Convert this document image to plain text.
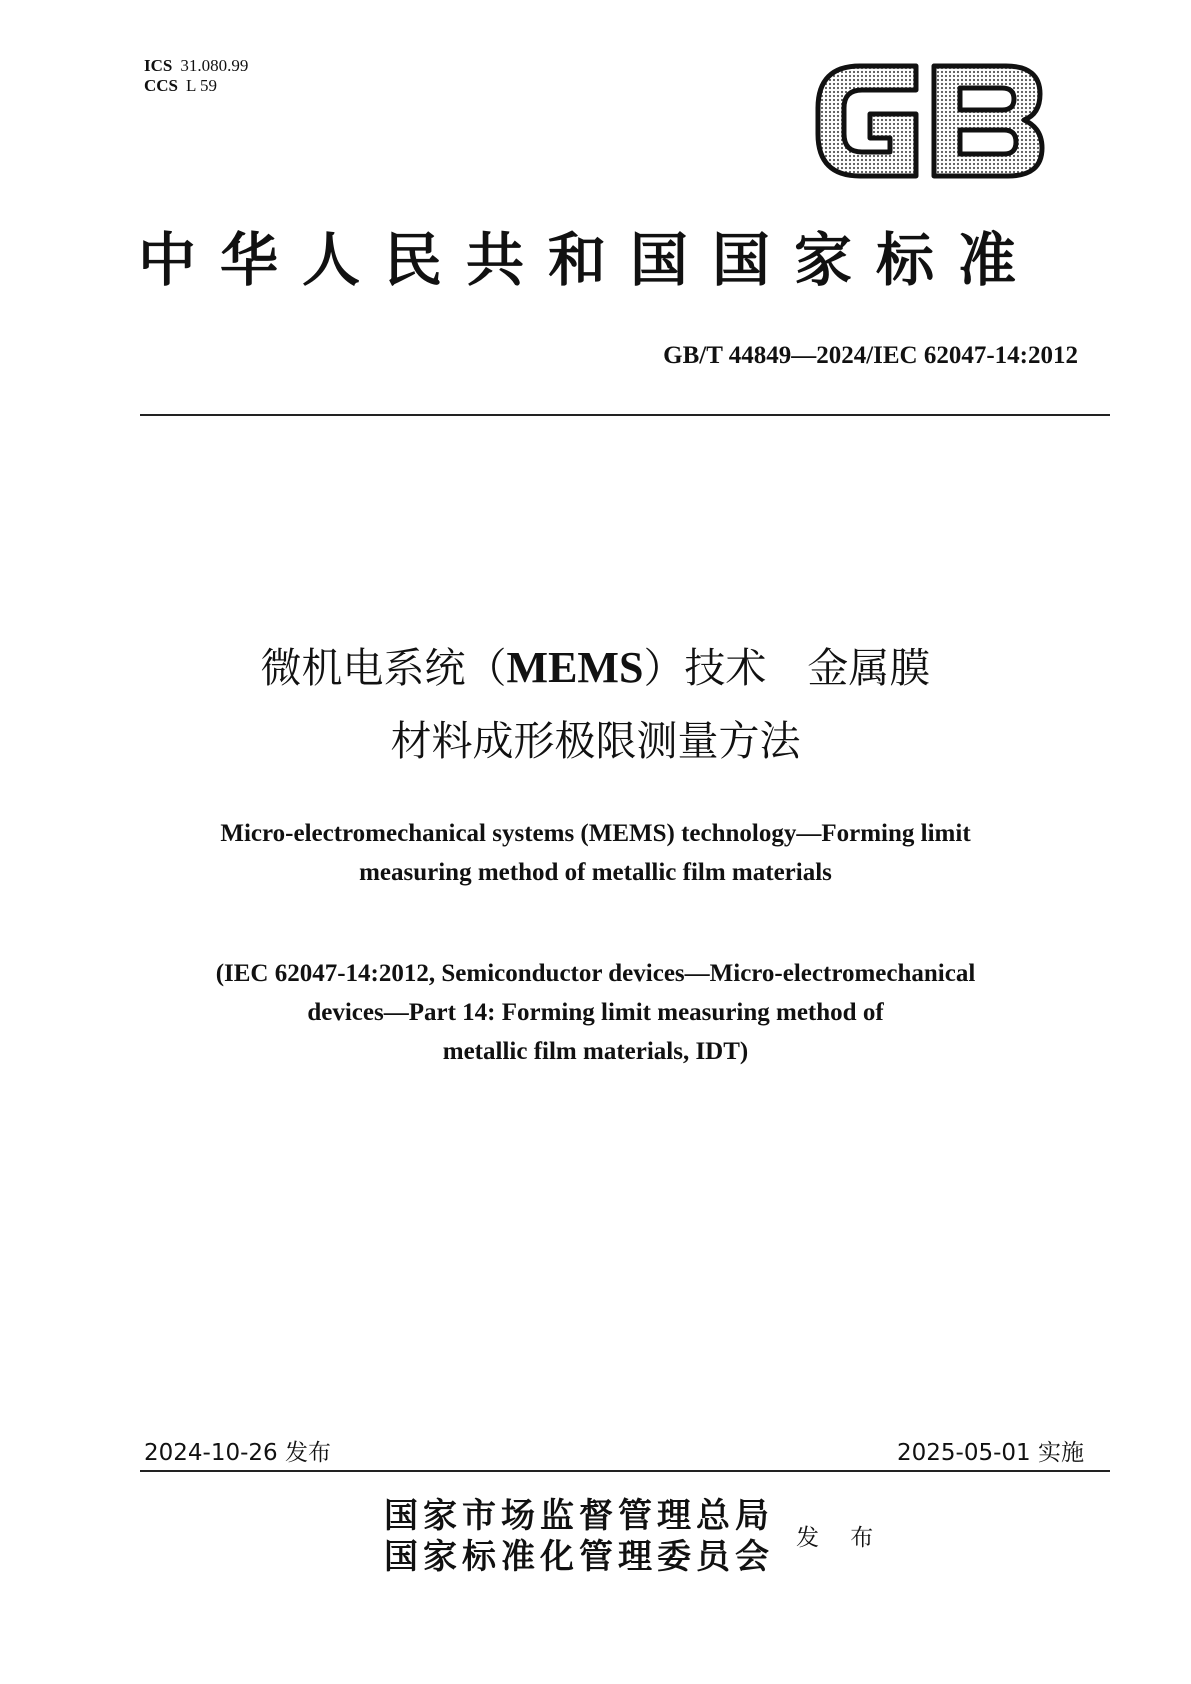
ICS 31.080.99
CCS L 59
中华人民共和国国家标准
GB/T 44849—2024/IEC 62047-14:2012
微机电系统（MEMS）技术　金属膜
材料成形极限测量方法
Micro-electromechanical systems (MEMS) technology—Forming limit
measuring method of metallic film materials
(IEC 62047-14:2012, Semiconductor devices—Micro-electromechanical
devices—Part 14: Forming limit measuring method of
metallic film materials, IDT)
2024-10-26 发布	2025-05-01 实施
国家市场监督管理总局
国家标准化管理委员会 发 布
